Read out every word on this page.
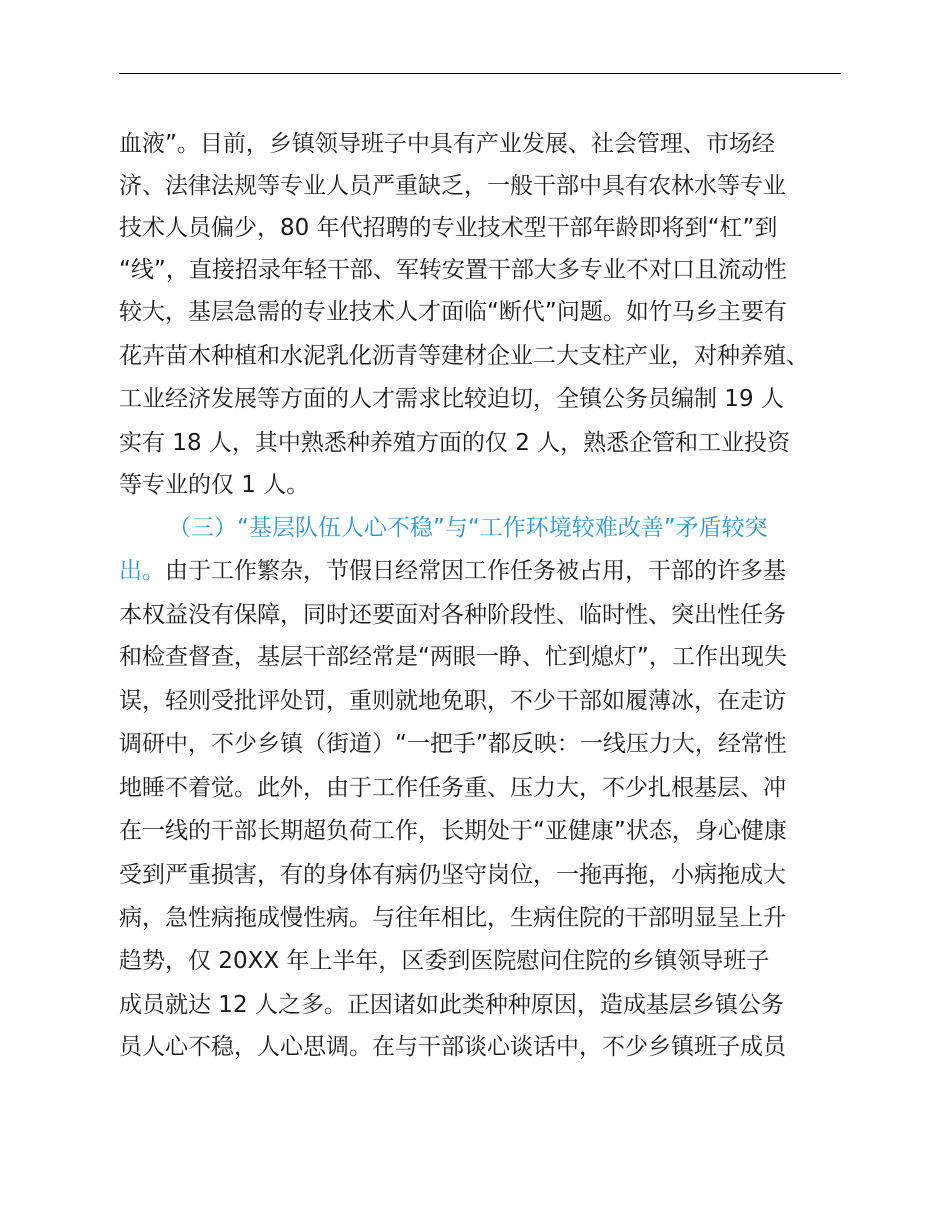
血液”。目前，乡镇领导班子中具有产业发展、社会管理、市场经
济、法律法规等专业人员严重缺乏，一般干部中具有农林水等专业
技术人员偏少，80 年代招聘的专业技术型干部年龄即将到“杠”到
“线”，直接招录年轻干部、军转安置干部大多专业不对口且流动性
较大，基层急需的专业技术人才面临“断代”问题。如竹马乡主要有
花卉苗木种植和水泥乳化沥青等建材企业二大支柱产业，对种养殖、
工业经济发展等方面的人才需求比较迫切，全镇公务员编制 19 人
实有 18 人，其中熟悉种养殖方面的仅 2 人，熟悉企管和工业投资
等专业的仅 1 人。
（三）“基层队伍人心不稳”与“工作环境较难改善”矛盾较突
出。由于工作繁杂，节假日经常因工作任务被占用，干部的许多基
本权益没有保障，同时还要面对各种阶段性、临时性、突出性任务
和检查督查，基层干部经常是“两眼一睁、忙到熄灯”，工作出现失
误，轻则受批评处罚，重则就地免职，不少干部如履薄冰，在走访
调研中，不少乡镇（街道）“一把手”都反映：一线压力大，经常性
地睡不着觉。此外，由于工作任务重、压力大，不少扎根基层、冲
在一线的干部长期超负荷工作，长期处于“亚健康”状态，身心健康
受到严重损害，有的身体有病仍坚守岗位，一拖再拖，小病拖成大
病，急性病拖成慢性病。与往年相比，生病住院的干部明显呈上升
趋势，仅 20XX 年上半年，区委到医院慰问住院的乡镇领导班子
成员就达 12 人之多。正因诸如此类种种原因，造成基层乡镇公务
员人心不稳，人心思调。在与干部谈心谈话中，不少乡镇班子成员
